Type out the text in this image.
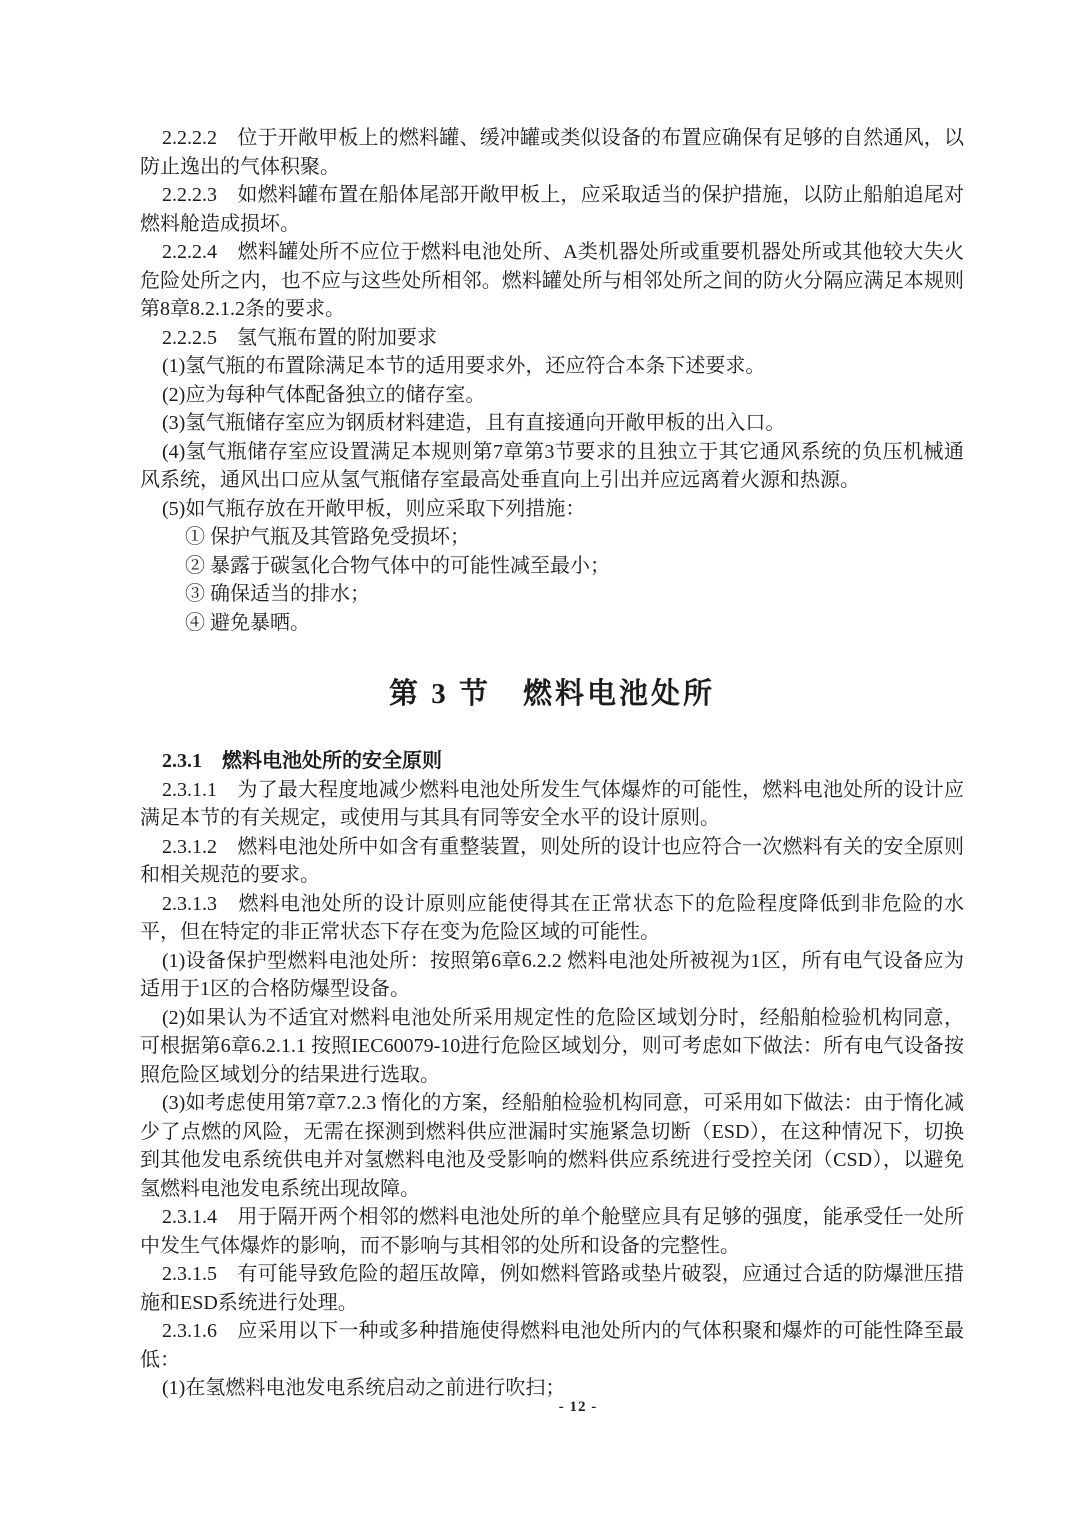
2.2.2.2　位于开敞甲板上的燃料罐、缓冲罐或类似设备的布置应确保有足够的自然通风，以防止逸出的气体积聚。

2.2.2.3　如燃料罐布置在船体尾部开敞甲板上，应采取适当的保护措施，以防止船舶追尾对燃料舱造成损坏。

2.2.2.4　燃料罐处所不应位于燃料电池处所、A类机器处所或重要机器处所或其他较大失火危险处所之内，也不应与这些处所相邻。燃料罐处所与相邻处所之间的防火分隔应满足本规则第8章8.2.1.2条的要求。

2.2.2.5　氢气瓶布置的附加要求

(1)氢气瓶的布置除满足本节的适用要求外，还应符合本条下述要求。

(2)应为每种气体配备独立的储存室。

(3)氢气瓶储存室应为钢质材料建造，且有直接通向开敞甲板的出入口。

(4)氢气瓶储存室应设置满足本规则第7章第3节要求的且独立于其它通风系统的负压机械通风系统，通风出口应从氢气瓶储存室最高处垂直向上引出并应远离着火源和热源。

(5)如气瓶存放在开敞甲板，则应采取下列措施：

① 保护气瓶及其管路免受损坏；

② 暴露于碳氢化合物气体中的可能性减至最小；

③ 确保适当的排水；

④ 避免暴晒。

第 3 节　燃料电池处所

2.3.1　燃料电池处所的安全原则

2.3.1.1　为了最大程度地减少燃料电池处所发生气体爆炸的可能性，燃料电池处所的设计应满足本节的有关规定，或使用与其具有同等安全水平的设计原则。

2.3.1.2　燃料电池处所中如含有重整装置，则处所的设计也应符合一次燃料有关的安全原则和相关规范的要求。

2.3.1.3　燃料电池处所的设计原则应能使得其在正常状态下的危险程度降低到非危险的水平，但在特定的非正常状态下存在变为危险区域的可能性。

(1)设备保护型燃料电池处所：按照第6章6.2.2 燃料电池处所被视为1区，所有电气设备应为适用于1区的合格防爆型设备。

(2)如果认为不适宜对燃料电池处所采用规定性的危险区域划分时，经船舶检验机构同意，可根据第6章6.2.1.1 按照IEC60079-10进行危险区域划分，则可考虑如下做法：所有电气设备按照危险区域划分的结果进行选取。

(3)如考虑使用第7章7.2.3 惰化的方案，经船舶检验机构同意，可采用如下做法：由于惰化减少了点燃的风险，无需在探测到燃料供应泄漏时实施紧急切断（ESD），在这种情况下，切换到其他发电系统供电并对氢燃料电池及受影响的燃料供应系统进行受控关闭（CSD），以避免氢燃料电池发电系统出现故障。

2.3.1.4　用于隔开两个相邻的燃料电池处所的单个舱壁应具有足够的强度，能承受任一处所中发生气体爆炸的影响，而不影响与其相邻的处所和设备的完整性。

2.3.1.5　有可能导致危险的超压故障，例如燃料管路或垫片破裂，应通过合适的防爆泄压措施和ESD系统进行处理。

2.3.1.6　应采用以下一种或多种措施使得燃料电池处所内的气体积聚和爆炸的可能性降至最低：

(1)在氢燃料电池发电系统启动之前进行吹扫；

- 12 -
